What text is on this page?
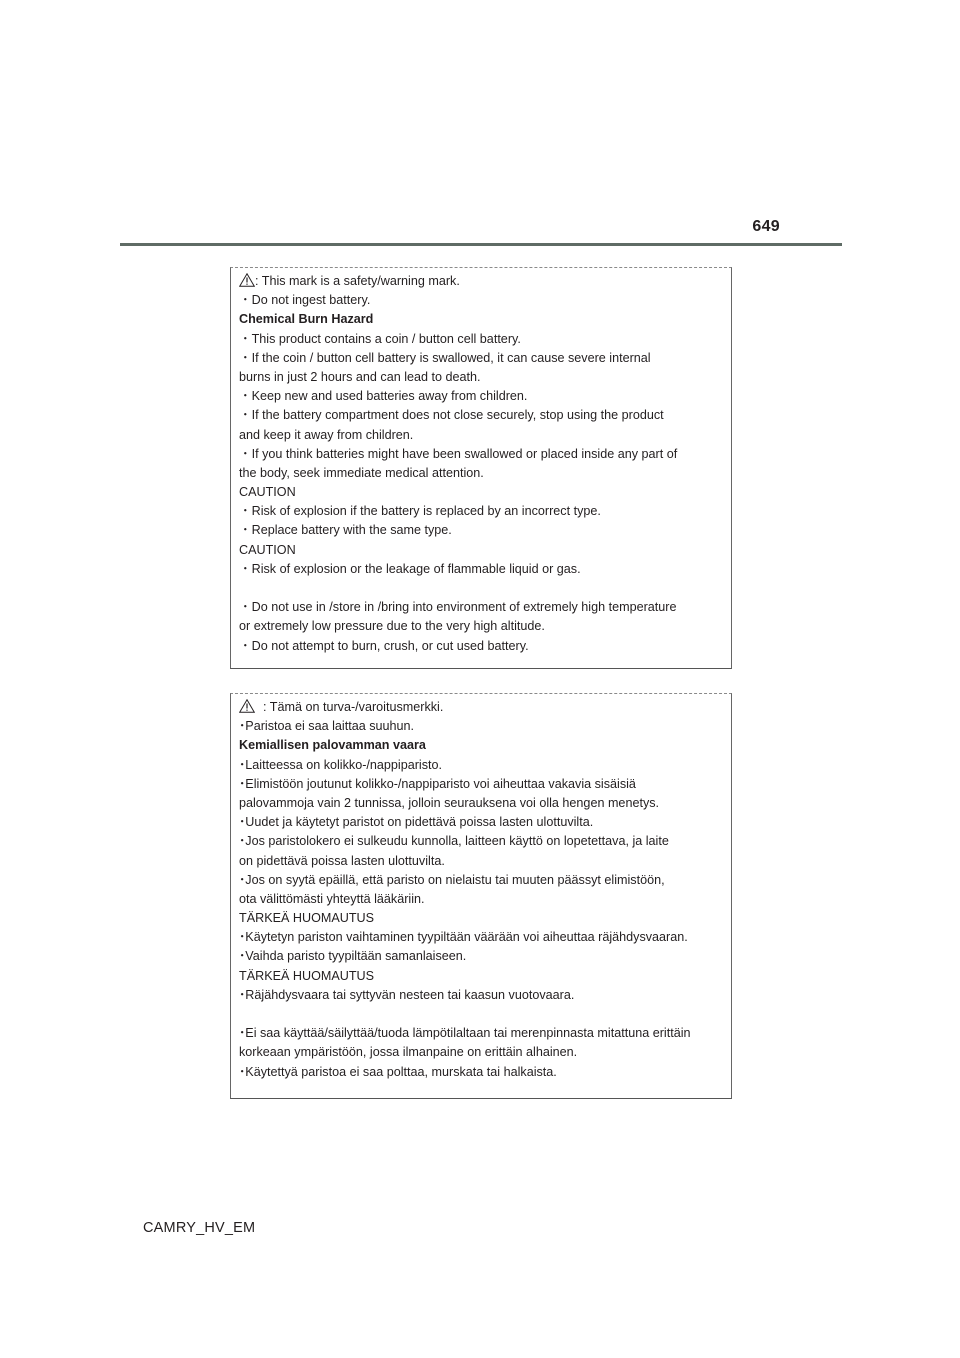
649
: This mark is a safety/warning mark.
・Do not ingest battery.
Chemical Burn Hazard
・This product contains a coin / button cell battery.
・If the coin / button cell battery is swallowed, it can cause severe internal
burns in just 2 hours and can lead to death.
・Keep new and used batteries away from children.
・If the battery compartment does not close securely, stop using the product
and keep it away from children.
・If you think batteries might have been swallowed or placed inside any part of
the body, seek immediate medical attention.
CAUTION
・Risk of explosion if the battery is replaced by an incorrect type.
・Replace battery with the same type.
CAUTION
・Risk of explosion or the leakage of flammable liquid or gas.
・Do not use in /store in /bring into environment of extremely high temperature
or extremely low pressure due to the very high altitude.
・Do not attempt to burn, crush, or cut used battery.
: Tämä on turva-/varoitusmerkki.
･Paristoa ei saa laittaa suuhun.
Kemiallisen palovamman vaara
･Laitteessa on kolikko-/nappiparisto.
･Elimistöön joutunut kolikko-/nappiparisto voi aiheuttaa vakavia sisäisiä
palovammoja vain 2 tunnissa, jolloin seurauksena voi olla hengen menetys.
･Uudet ja käytetyt paristot on pidettävä poissa lasten ulottuvilta.
･Jos paristolokero ei sulkeudu kunnolla, laitteen käyttö on lopetettava, ja laite
on pidettävä poissa lasten ulottuvilta.
･Jos on syytä epäillä, että paristo on nielaistu tai muuten päässyt elimistöön,
ota välittömästi yhteyttä lääkäriin.
TÄRKEÄ HUOMAUTUS
･Käytetyn pariston vaihtaminen tyypiltään väärään voi aiheuttaa räjähdysvaaran.
･Vaihda paristo tyypiltään samanlaiseen.
TÄRKEÄ HUOMAUTUS
･Räjähdysvaara tai syttyvän nesteen tai kaasun vuotovaara.
･Ei saa käyttää/säilyttää/tuoda lämpötilaltaan tai merenpinnasta mitattuna erittäin
korkeaan ympäristöön, jossa ilmanpaine on erittäin alhainen.
･Käytettyä paristoa ei saa polttaa, murskata tai halkaista.
CAMRY_HV_EM
